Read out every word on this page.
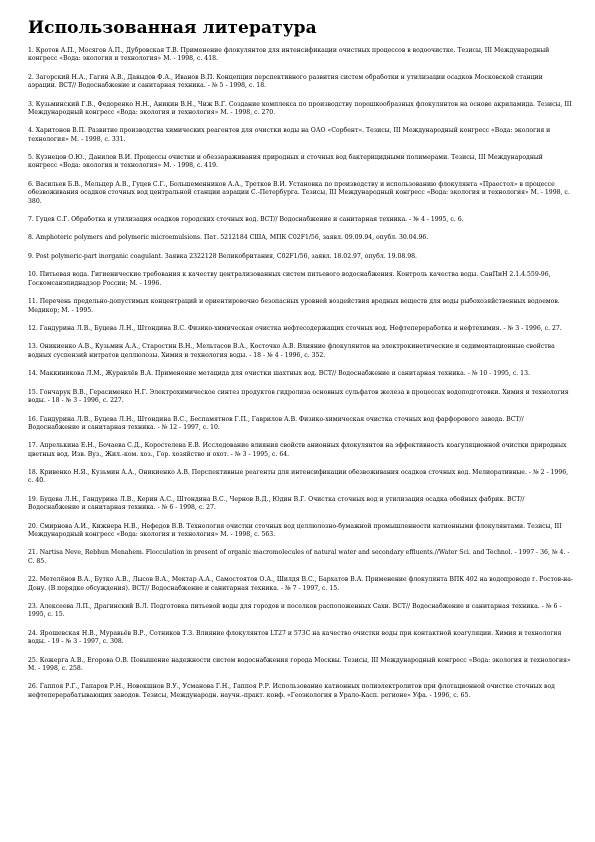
Использованная литература
1. Кротов А.П., Мосягов А.П., Дубровская Т.В. Применение флокулянтов для интенсификации очистных процессов в водоочистке. Тезисы, III Международный конгресс «Вода: экология и технология» М. - 1998, с. 418.
2. Загорский Н.А., Гагин А.В., Давыдов Ф.А., Иванов В.П. Концепция перспективного развития систем обработки и утилизации осадков Московской станции аэрации. ВСТ// Водоснабжение и санитарная техника. - № 5 - 1998, с. 18.
3. Кузьминский Г.В., Федоренко Н.Н., Аникин В.Н., Чиж В.Г. Создание комплекса по производству порошкообразных флокулянтов на основе акриламида. Тезисы, III Международный конгресс «Вода: экология и технология» М. - 1998, с. 270.
4. Харитонов В.П. Развитие производства химических реагентов для очистки воды на ОАО «Сорбент». Тезисы, III Международный конгресс «Вода: экология и технология» М. - 1998, с. 331.
5. Кузнецов О.Ю., Данилов В.И. Процессы очистки и обеззараживания природных и сточных вод бактерицидными полимерами. Тезисы, III Международный конгресс «Вода: экология и технология» М. - 1998, с. 419.
6. Васильев Б.В., Мельцер А.В., Гуцев С.Г., Большеменников А.А., Третков В.И. Установка по производству и использованию флокулянта «Праестол» в процессе обезвоживания осадков сточных вод центральной станции аэрации С.-Петербурга. Тезисы, III Международный конгресс «Вода: экология и технология» М. - 1998, с. 380.
7. Гуцев С.Г. Обработка и утилизация осадков городских сточных вод. ВСТ// Водоснабжение и санитарная техника. - № 4 - 1995, с. 6.
8. Amphoteric polymers and polymeric microemulsions. Пат. 5212184 США, МПК C02F1/56, заявл. 09.09.94, опубл. 30.04.96.
9. Post polymeric-part inorganic coagulant. Заявка 2322128 Великобритания, C02F1/56, заявл. 18.02.97, опубл. 19.08.98.
10. Питьевая вода. Гигиенические требования к качеству централизованных систем питьевого водоснабжения. Контроль качества воды. СанПиН 2.1.4.559-96, Госкомсанэпиднадзор России; М. - 1996.
11. Перечень предельно-допустимых концентраций и ориентировочно безопасных уровней воздействия вредных веществ для воды рыбохозяйственных водоемов. Медикор; М. - 1995.
12. Гандурина Л.В., Буцева Л.Н., Штондина В.С. Физико-химическая очистка нефтесодержащих сточных вод. Нефтепереработка и нефтехимия. - № 3 - 1996, с. 27.
13. Оникиенко А.В., Кузьмин А.А., Старостин В.Н., Мельтасов В.А., Косточко А.В. Влияние флокулянтов на электрокинетические и седиментационные свойства водных суспензий нитратов целлюлозы. Химия и технология воды. - 18 - № 4 - 1996, с. 352.
14. Маккиникова Л.М., Журавлёв В.А. Применение метацида для очистки шахтных вод. ВСТ// Водоснабжение и санитарная техника. - № 10 - 1995, с. 13.
15. Гончарук В.В., Герасименко Н.Г. Электрохимическое синтез продуктов гидролиза основных сульфатов железа в процессах водоподготовки. Химия и технология воды. - 18 - № 3 - 1996, с. 227.
16. Гандурина Л.В., Буцева Л.Н., Штондина В.С., Беспамятнов Г.П., Гаврилов А.В. Физико-химическая очистка сточных вод фарфорового завода. ВСТ// Водоснабжение и санитарная техника. - № 12 - 1997, с. 10.
17. Апрелькина Е.Н., Бочаева С.Д., Коростелева Е.В. Исследование влияния свойств анионных флокулянтов на эффективность коагуляционной очистки природных цветных вод. Изв. Вуз., Жил.-ком. хоз., Гор. хозяйство и охот. - № 3 - 1995, с. 64.
18. Кривенко Н.Я., Кузьмин А.А., Оникиенко А.В. Перспективные реагенты для интенсификации обезвоживания осадков сточных вод. Мелиоративные. - № 2 - 1996, с. 40.
19. Буцева Л.Н., Гандурина Л.В., Керин А.С., Штондина В.С., Чернов В.Д., Юдин В.Г. Очистка сточных вод и утилизация осадка обойных фабрик. ВСТ// Водоснабжение и санитарная техника. - № 6 - 1998, с. 27.
20. Смирнова А.И., Кижнера Н.В., Нефедов В.В. Технология очистки сточных вод целлюлозно-бумажной промышленности катионными флокулянтами. Тезисы, III Международный конгресс «Вода: экология и технология» М. - 1998, с. 563.
21. Nartisa Neve, Rebhun Menahem. Flocculation in present of organic macromolecules of natural water and secondary effluents.//Water Sci. and Technol. - 1997 - 36, № 4. - C. 85.
22. Метелёнов В.А., Бутко А.В., Лысов В.А., Мектар А.А., Самостоятов О.А., Шилдя В.С., Бархатов В.А. Применение флокулянта ВПК 402 на водопроводе г. Ростов-на-Дону. (В порядке обсуждения). ВСТ// Водоснабжение и санитарная техника. - № 7 - 1997, с. 15.
23. Алексеева Л.П., Драгинский В.Л. Подготовка питьевой воды для городов и поселков расположенных Сахи. ВСТ// Водоснабжение и санитарная техника. - № 6 - 1995, с. 15.
24. Ярошевская Н.В., Муравьёв В.Р., Сотников Т.З. Влияние флокулянтов LT27 и 573C на качество очистки воды при контактной коагуляции. Химия и технология воды. - 19 - № 3 - 1997, с. 308.
25. Кожерга А.В., Егорова О.В. Повышение надежности систем водоснабжения города Москвы. Тезисы, III Международный конгресс «Вода: экология и технология» М. - 1998, с. 258.
26. Гаппоя Р.Г., Гапаров Р.Н., Новокшнов В.У., Усманова Г.Н., Гаппоя Р.Р. Использование катионных полиэлектролитов при флотационной очистке сточных вод нефтеперерабатывающих заводов. Тезисы, Международн. научн.-практ. конф. «Геоэкология в Урало-Касп. регионе» Уфа. - 1996, с. 65.
